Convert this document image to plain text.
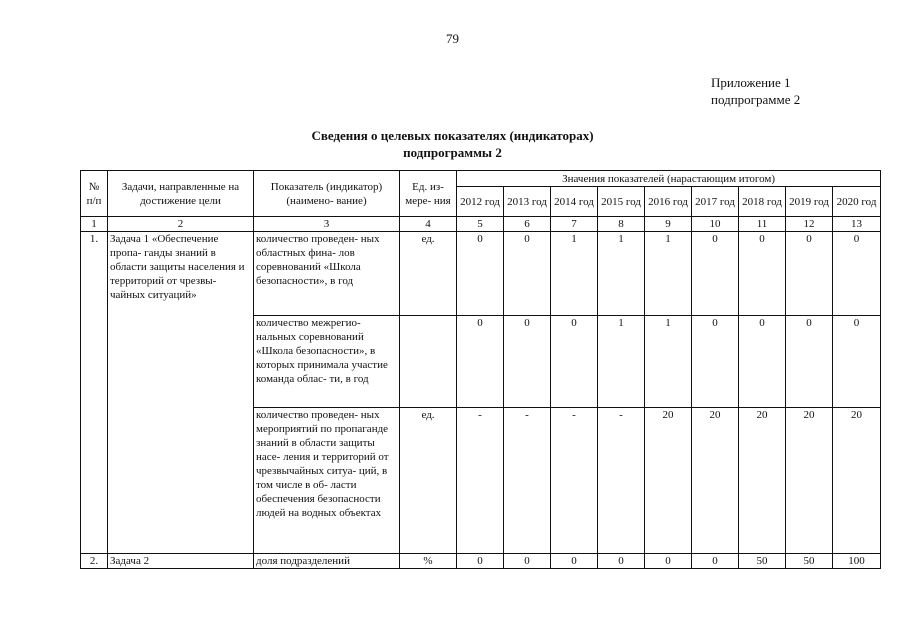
79
Приложение 1
подпрограмме 2
Сведения о целевых показателях (индикаторах)
подпрограммы 2
№ п/п	Задачи, направленные на достижение цели	Показатель (индикатор) (наимено- вание)	Ед. из- мере- ния	Значения показателей (нарастающим итогом)								
				2012 год	2013 год	2014 год	2015 год	2016 год	2017 год	2018 год	2019 год	2020 год
1	2	3	4	5	6	7	8	9	10	11	12	13
1.	Задача 1 «Обеспечение пропа- ганды знаний в области защиты населения и территорий от чрезвы- чайных ситуаций»	количество проведен- ных областных фина- лов соревнований «Школа безопасности», в год	ед.	0	0	1	1	1	0	0	0	0
		количество межрегио- нальных соревнований «Школа безопасности», в которых принимала участие команда облас- ти, в год		0	0	0	1	1	0	0	0	0
		количество проведен- ных мероприятий по пропаганде знаний в области защиты насе- ления и территорий от чрезвычайных ситуа- ций, в том числе в об- ласти обеспечения безопасности людей на водных объектах	ед.	-	-	-	-	20	20	20	20	20
2.	Задача 2	доля подразделений	%	0	0	0	0	0	0	50	50	100
